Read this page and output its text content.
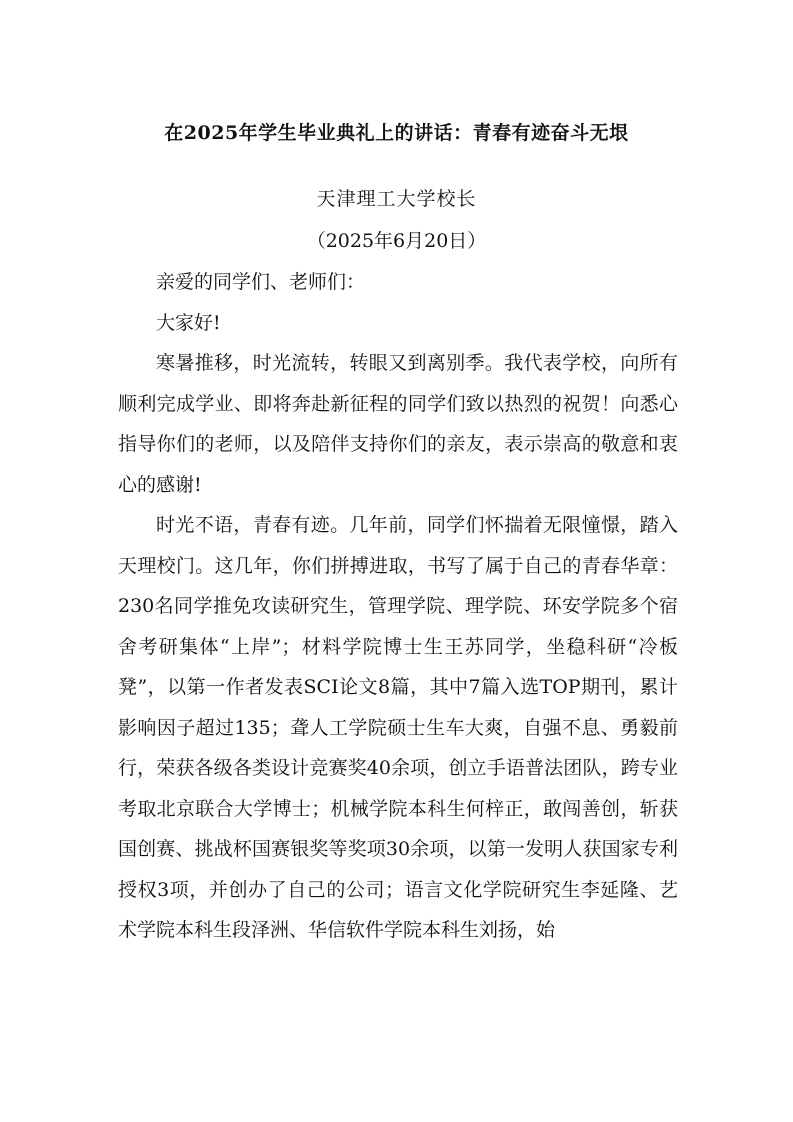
在2025年学生毕业典礼上的讲话：青春有迹奋斗无垠
天津理工大学校长
（2025年6月20日）

亲爱的同学们、老师们：

大家好!

寒暑推移，时光流转，转眼又到离别季。我代表学校，向所有顺利完成学业、即将奔赴新征程的同学们致以热烈的祝贺！向悉心指导你们的老师，以及陪伴支持你们的亲友，表示崇高的敬意和衷心的感谢!

时光不语，青春有迹。几年前，同学们怀揣着无限憧憬，踏入天理校门。这几年，你们拼搏进取，书写了属于自己的青春华章：230名同学推免攻读研究生，管理学院、理学院、环安学院多个宿舍考研集体“上岸”；材料学院博士生王苏同学，坐稳科研“冷板凳”，以第一作者发表SCI论文8篇，其中7篇入选TOP期刊，累计影响因子超过135；聋人工学院硕士生车大爽，自强不息、勇毅前行，荣获各级各类设计竞赛奖40余项，创立手语普法团队，跨专业考取北京联合大学博士；机械学院本科生何梓正，敢闯善创，斩获国创赛、挑战杯国赛银奖等奖项30余项，以第一发明人获国家专利授权3项，并创办了自己的公司；语言文化学院研究生李延隆、艺术学院本科生段泽洲、华信软件学院本科生刘扬，始
